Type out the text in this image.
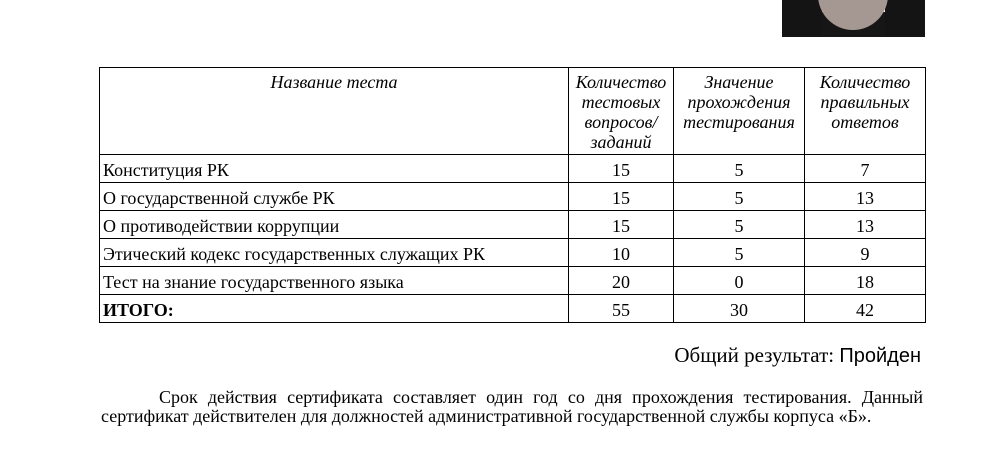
Название теста	Количество тестовых вопросов/ заданий	Значение прохождения тестирования	Количество правильных ответов
Конституция РК	15	5	7
О государственной службе РК	15	5	13
О противодействии коррупции	15	5	13
Этический кодекс государственных служащих РК	10	5	9
Тест на знание государственного языка	20	0	18
ИТОГО:	55	30	42
Общий результат: Пройден

Срок действия сертификата составляет один год со дня прохождения тестирования. Данный сертификат действителен для должностей административной государственной службы корпуса «Б».
